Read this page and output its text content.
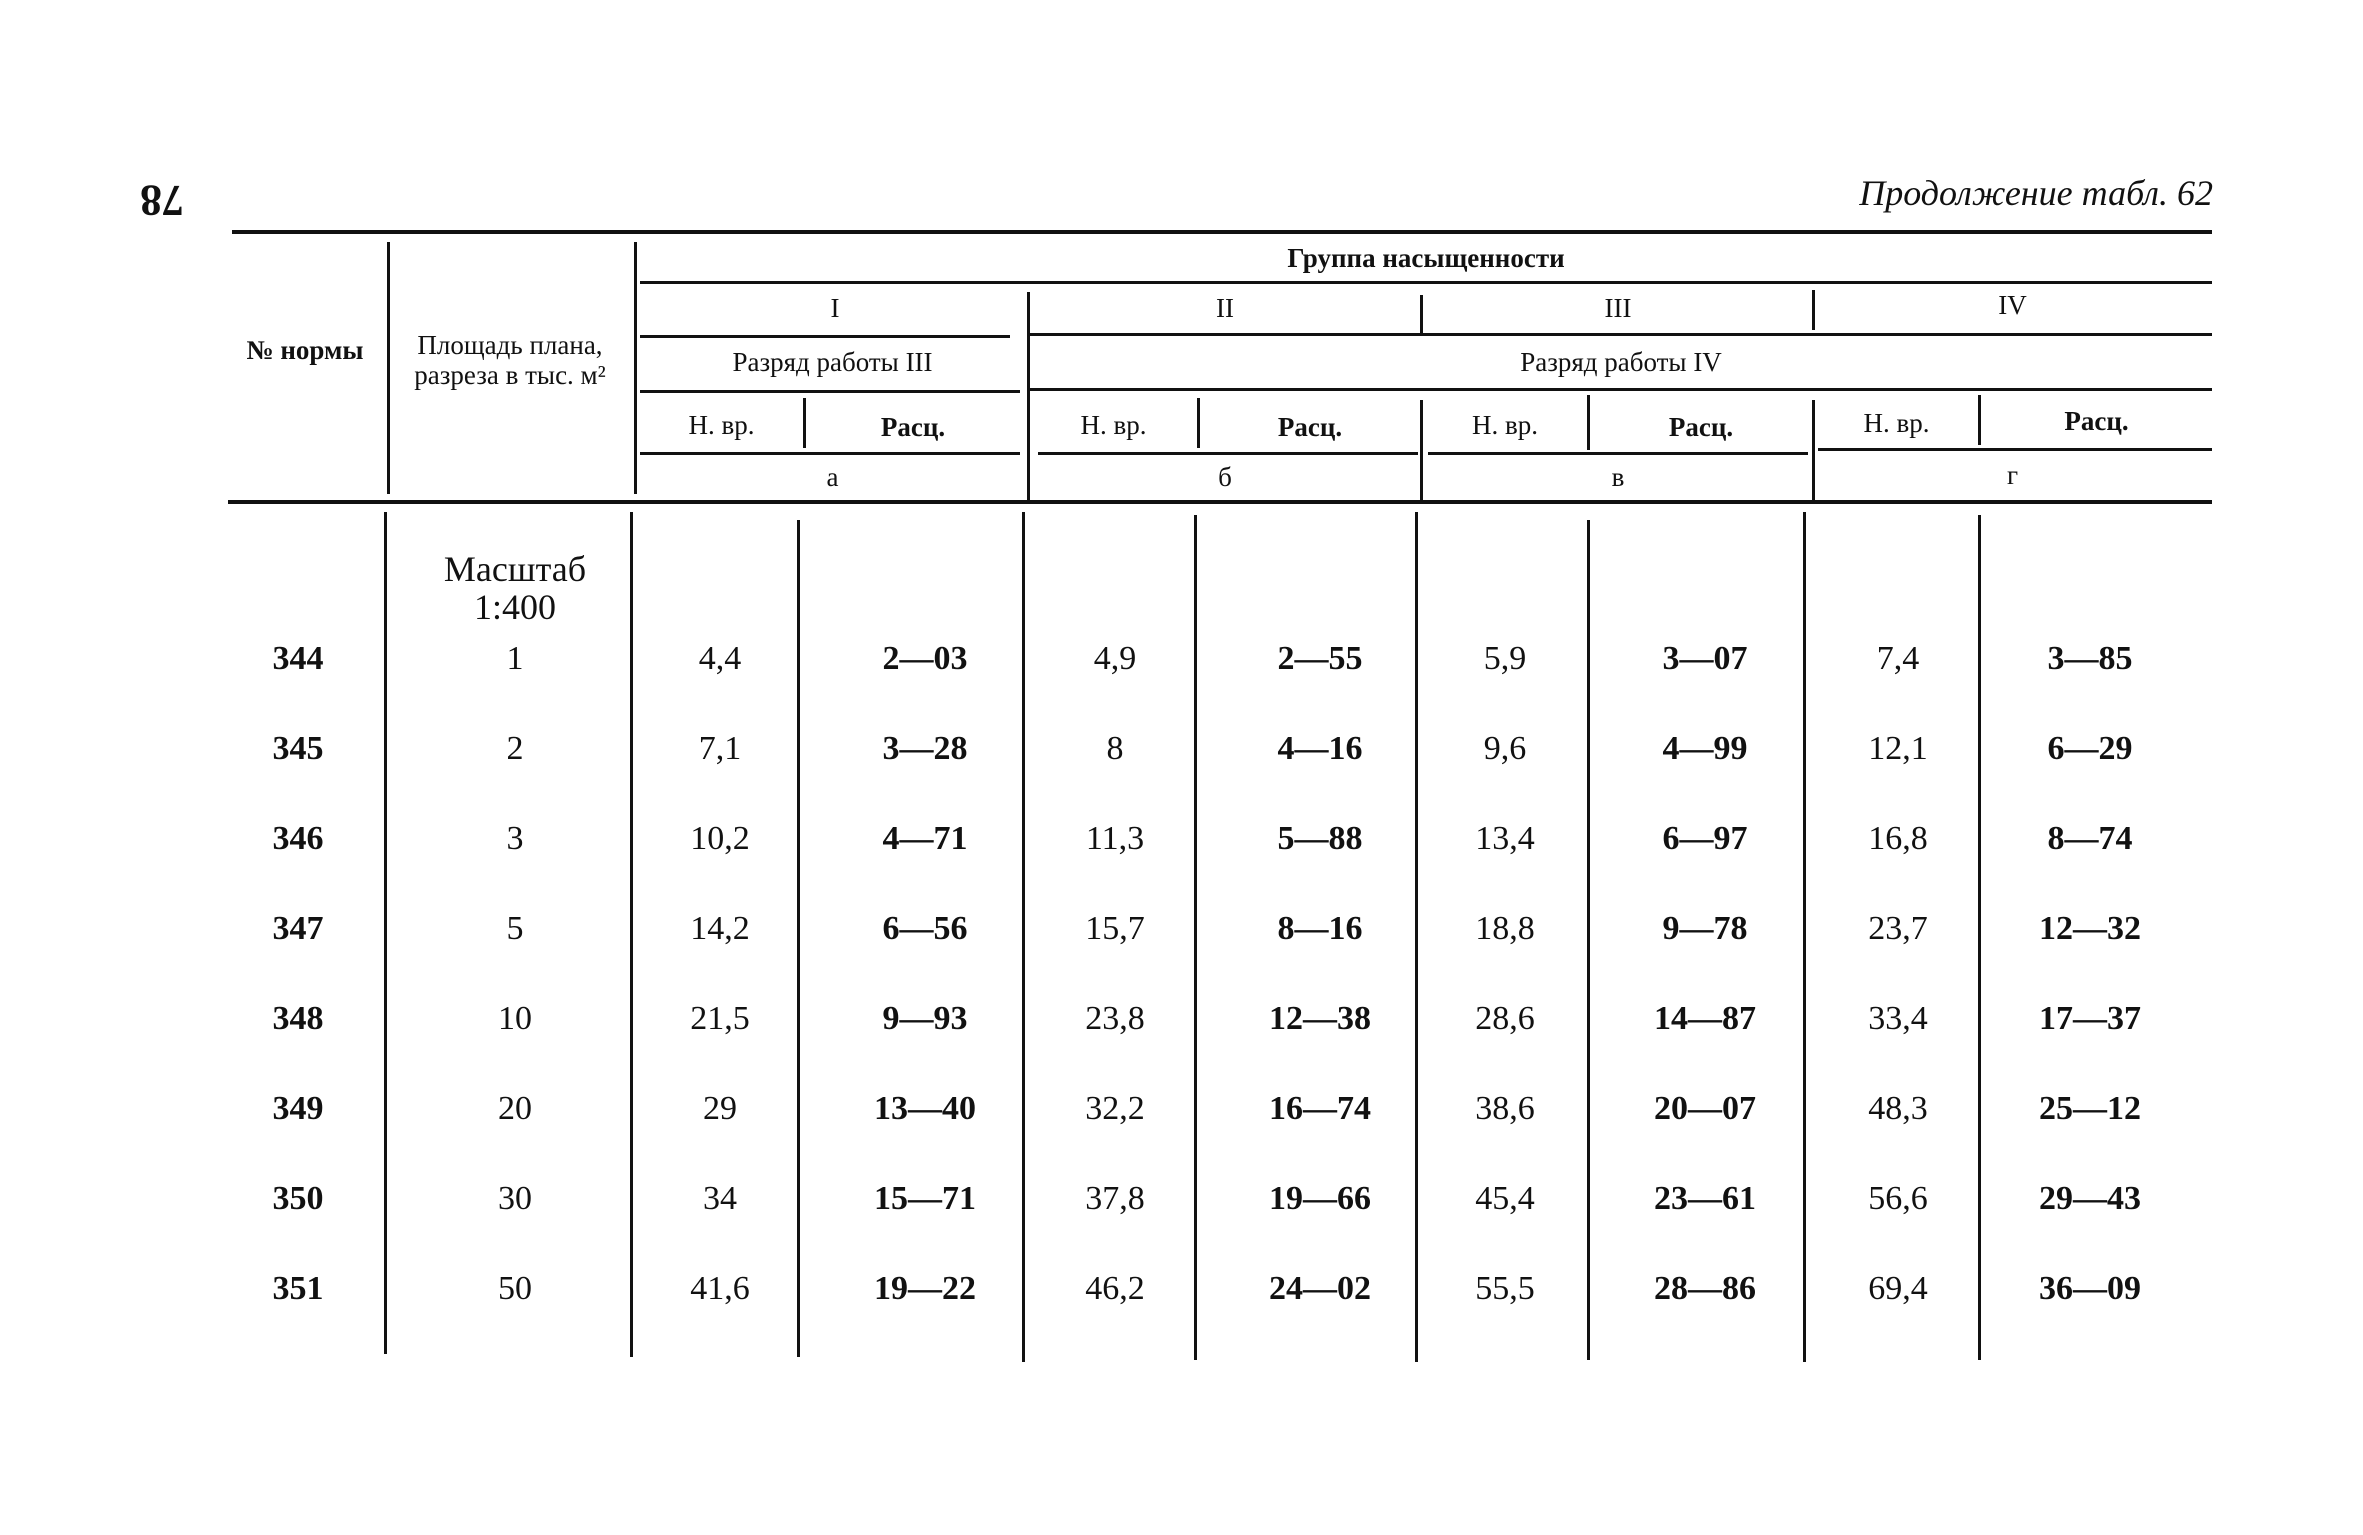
78	Продолжение табл. 62
№ нормы	Площадь плана, разреза в тыс. м²
Группа насыщенности
I	II	III	IV
Разряд работы III	Разряд работы IV
Н. вр.	Расц.	Н. вр.	Расц.	Н. вр.	Расц.	Н. вр.	Расц.
а	б	в	г
Масштаб 1:400
344	1	4,4	2—03	4,9	2—55	5,9	3—07	7,4	3—85
345	2	7,1	3—28	8	4—16	9,6	4—99	12,1	6—29
346	3	10,2	4—71	11,3	5—88	13,4	6—97	16,8	8—74
347	5	14,2	6—56	15,7	8—16	18,8	9—78	23,7	12—32
348	10	21,5	9—93	23,8	12—38	28,6	14—87	33,4	17—37
349	20	29	13—40	32,2	16—74	38,6	20—07	48,3	25—12
350	30	34	15—71	37,8	19—66	45,4	23—61	56,6	29—43
351	50	41,6	19—22	46,2	24—02	55,5	28—86	69,4	36—09
